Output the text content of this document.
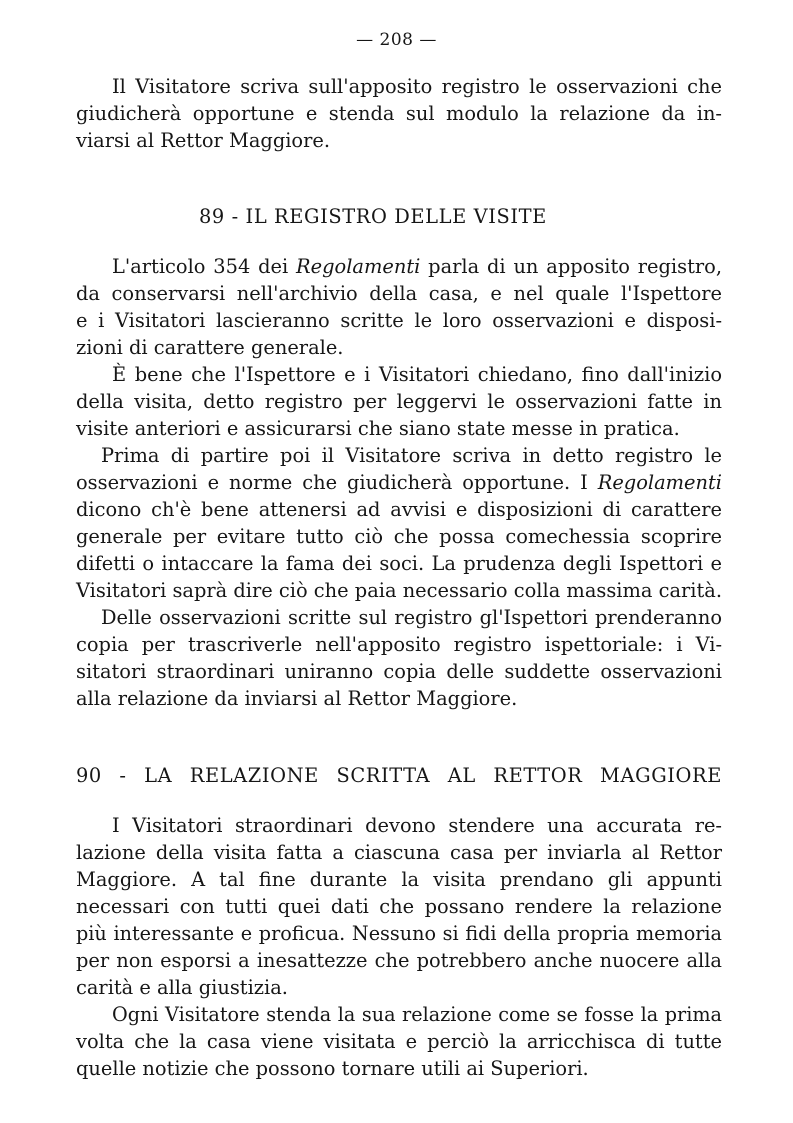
— 208 —
Il Visitatore scriva sull'apposito registro le osservazioni che
giudicherà opportune e stenda sul modulo la relazione da in-
viarsi al Rettor Maggiore.
89 - IL REGISTRO DELLE VISITE
L'articolo 354 dei Regolamenti parla di un apposito registro,
da conservarsi nell'archivio della casa, e nel quale l'Ispettore
e i Visitatori lascieranno scritte le loro osservazioni e disposi-
zioni di carattere generale.
È bene che l'Ispettore e i Visitatori chiedano, fino dall'inizio
della visita, detto registro per leggervi le osservazioni fatte in
visite anteriori e assicurarsi che siano state messe in pratica.
Prima di partire poi il Visitatore scriva in detto registro le
osservazioni e norme che giudicherà opportune. I Regolamenti
dicono ch'è bene attenersi ad avvisi e disposizioni di carattere
generale per evitare tutto ciò che possa comechessia scoprire
difetti o intaccare la fama dei soci. La prudenza degli Ispettori e
Visitatori saprà dire ciò che paia necessario colla massima carità.
Delle osservazioni scritte sul registro gl'Ispettori prenderanno
copia per trascriverle nell'apposito registro ispettoriale: i Vi-
sitatori straordinari uniranno copia delle suddette osservazioni
alla relazione da inviarsi al Rettor Maggiore.
90 - LA RELAZIONE SCRITTA AL RETTOR MAGGIORE
I Visitatori straordinari devono stendere una accurata re-
lazione della visita fatta a ciascuna casa per inviarla al Rettor
Maggiore. A tal fine durante la visita prendano gli appunti
necessari con tutti quei dati che possano rendere la relazione
più interessante e proficua. Nessuno si fidi della propria memoria
per non esporsi a inesattezze che potrebbero anche nuocere alla
carità e alla giustizia.
Ogni Visitatore stenda la sua relazione come se fosse la prima
volta che la casa viene visitata e perciò la arricchisca di tutte
quelle notizie che possono tornare utili ai Superiori.
